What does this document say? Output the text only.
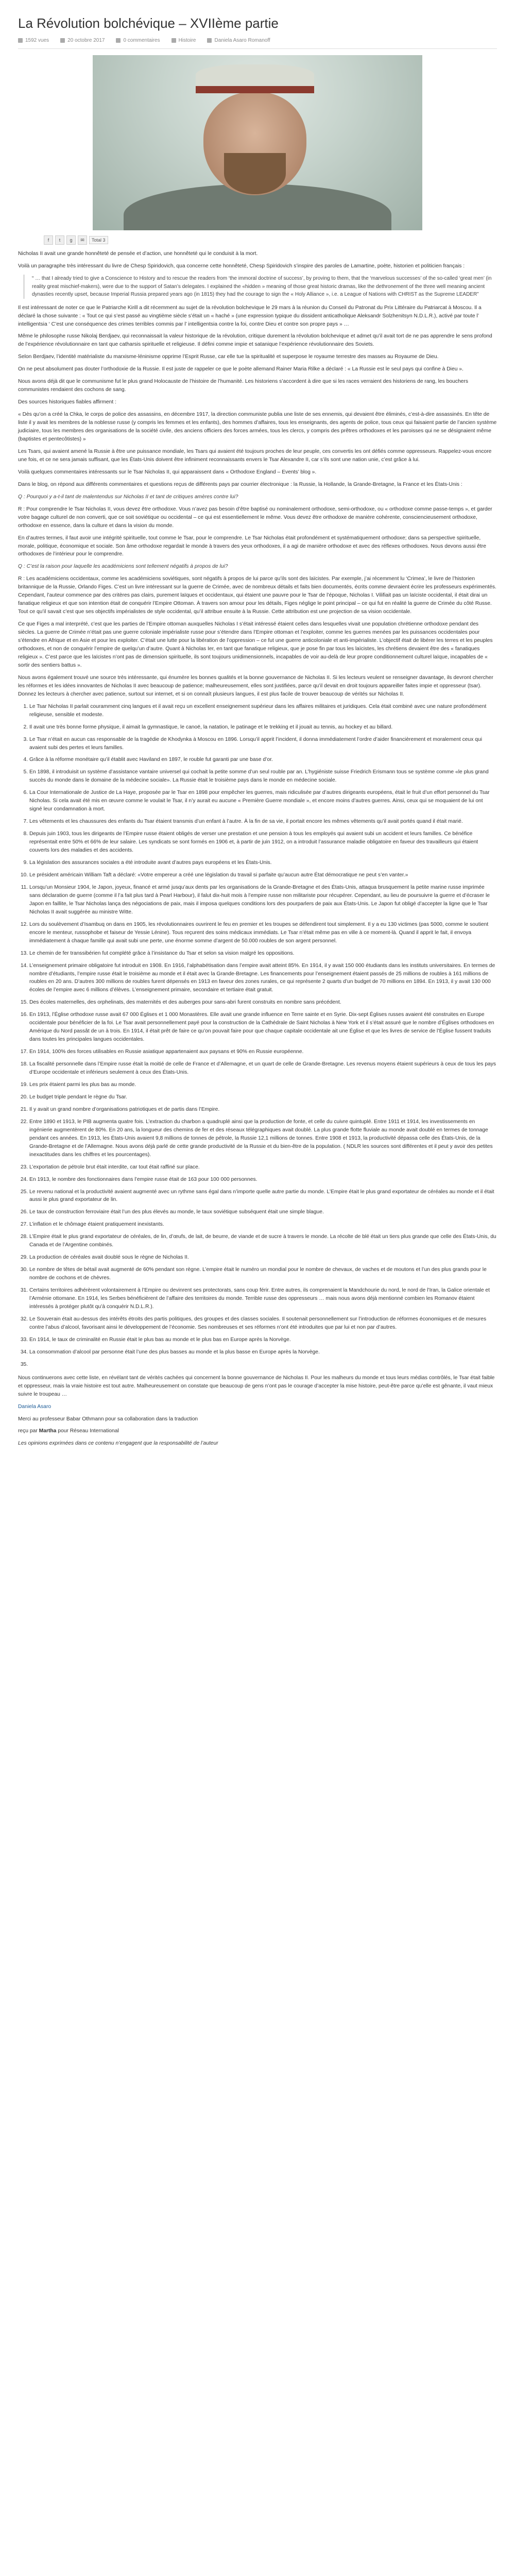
La Révolution bolchévique – XVIIème partie
1592 vues	20 octobre 2017	0 commentaires	Histoire	Daniela Asaro Romanoff
f	t	g	✉	Total 3

Nicholas II avait une grande honnêteté de pensée et d’action, une honnêteté qui le conduisit à la mort.

Voilà un paragraphe très intéressant du livre de Chesp Spiridovich, qua concerne cette honnêteté, Chesp Spiridovich s’inspire des paroles de Lamartine, poète, historien et politicien français :

“ … that I already tried to give a Conscience to History and to rescue the readers from ‘the immoral doctrine of success’, by proving to them, that the ‘marvelous successes’ of the so-called ‘great men’ (in reality great mischief-makers), were due to the support of Satan’s delegates. I explained the «hidden » meaning of those great historic dramas, like the dethronement of the three well meaning ancient dynasties recently upset, because Imperial Russia prepared years ago (in 1815) they had the courage to sign the « Holy Alliance », i.e. a League of Nations with CHRIST as the Supreme LEADER”

Il est intéressant de noter ce que le Patriarche Kirill a dit récemment au sujet de la révolution bolchevique le 29 mars à la réunion du Conseil du Patronat du Prix Littéraire du Patriarcat à Moscou. Il a déclaré la chose suivante : « Tout ce qui s’est passé au vingtième siècle s’était un « haché » (une expression typique du dissident anticatholique Aleksandr Solzhenitsyn N.D.L.R.), activé par toute l’ intelligentsia ‘ C’est une conséquence des crimes terribles commis par l’ intelligentsia contre la foi, contre Dieu et contre son propre pays » …

Même le philosophe russe Nikolaj Berdjaev, qui reconnaissait la valeur historique de la révolution, critique durement la révolution bolchevique et admet qu’il avait tort de ne pas apprendre le sens profond de l’expérience révolutionnaire en tant que catharsis spirituelle et religieuse. Il défini comme impie et satanique l’expérience révolutionnaire des Soviets.

Selon Berdjaev, l’identité matérialiste du marxisme-léninisme opprime l’Esprit Russe, car elle tue la spiritualité et superpose le royaume terrestre des masses au Royaume de Dieu.

On ne peut absolument pas douter l’orthodoxie de la Russie. Il est juste de rappeler ce que le poète allemand Rainer Maria Rilke a déclaré : « La Russie est le seul pays qui confine à Dieu ».

Nous avons déjà dit que le communisme fut le plus grand Holocauste de l’histoire de l’humanité. Les historiens s’accordent à dire que si les races verraient des historiens de rang, les bouchers communistes rendaient des cochons de sang.

Des sources historiques fiables affirment :

« Dès qu’on a créé la Chka, le corps de police des assassins, en décembre 1917, la direction communiste publia une liste de ses ennemis, qui devaient être éliminés, c’est-à-dire assassinés. En tête de liste il y avait les membres de la noblesse russe (y compris les femmes et les enfants), des hommes d’affaires, tous les enseignants, des agents de police, tous ceux qui faisaient partie de l’ancien système judiciaire, tous les membres des organisations de la société civile, des anciens officiers des forces armées, tous les clercs, y compris des prêtres orthodoxes et les paroisses qui ne se désignaient même (baptistes et pentecôtistes) »

Les Tsars, qui avaient amené la Russie à être une puissance mondiale, les Tsars qui avaient été toujours proches de leur peuple, ces convertis les ont défiés comme oppresseurs. Rappelez-vous encore une fois, et ce ne sera jamais suffisant, que les États-Unis doivent être infiniment reconnaissants envers le Tsar Alexandre II, car s’ils sont une nation unie, c’est grâce à lui.

Voilà quelques commentaires intéressants sur le Tsar Nicholas II, qui apparaissent dans « Orthodoxe England – Events’ blog ».

Dans le blog, on répond aux différents commentaires et questions reçus de différents pays par courrier électronique : la Russie, la Hollande, la Grande-Bretagne, la France et les États-Unis :

Q : Pourquoi y a-t-il tant de malentendus sur Nicholas II et tant de critiques amères contre lui?

R : Pour comprendre le Tsar Nicholas II, vous devez être orthodoxe. Vous n’avez pas besoin d’être baptisé ou nominalement orthodoxe, semi-orthodoxe, ou « orthodoxe comme passe-temps », et garder votre bagage culturel de non converti, que ce soit soviétique ou occidental – ce qui est essentiellement le même. Vous devez être orthodoxe de manière cohérente, consciencieusement orthodoxe, orthodoxe en essence, dans la culture et dans la vision du monde.

En d’autres termes, il faut avoir une intégrité spirituelle, tout comme le Tsar, pour le comprendre. Le Tsar Nicholas était profondément et systématiquement orthodoxe; dans sa perspective spirituelle, morale, politique, économique et sociale. Son âme orthodoxe regardait le monde à travers des yeux orthodoxes, il a agi de manière orthodoxe et avec des réflexes orthodoxes. Nous devons aussi être orthodoxes de l’intérieur pour le comprendre.

Q : C’est la raison pour laquelle les académiciens sont tellement négatifs à propos de lui?

R : Les académiciens occidentaux, comme les académiciens soviétiques, sont négatifs à propos de lui parce qu’ils sont des laïcistes. Par exemple, j’ai récemment lu ‘Crimea’, le livre de l’historien britannique de la Russie, Orlando Figes. C’est un livre intéressant sur la guerre de Crimée, avec de nombreux détails et faits bien documentés, écrits comme devraient écrire les professeurs expérimentés. Cependant, l’auteur commence par des critères pas clairs, purement laïques et occidentaux, qui étaient une pauvre pour le Tsar de l’époque, Nicholas I. Vilifiait pas un laïciste occidental, il était dirai un fanatique religieux et que son intention était de conquérir l’Empire Ottoman. À travers son amour pour les détails, Figes néglige le point principal – ce qui fut en réalité la guerre de Crimée du côté Russe. Tout ce qu’il savait c’est que ses objectifs impérialistes de style occidental, qu’il attribue ensuite à la Russie. Cette attribution est une projection de sa vision occidentale.

Ce que Figes a mal interprété, c’est que les parties de l’Empire ottoman auxquelles Nicholas I s’était intéressé étaient celles dans lesquelles vivait une population chrétienne orthodoxe pendant des siècles. La guerre de Crimée n’était pas une guerre coloniale impérialiste russe pour s’étendre dans l’Empire ottoman et l’exploiter, comme les guerres menées par les puissances occidentales pour s’étendre en Afrique et en Asie et pour les exploiter. C’était une lutte pour la libération de l’oppression – ce fut une guerre anticoloniale et anti-impérialiste. L’objectif était de libérer les terres et les peuples orthodoxes, et non de conquérir l’empire de quelqu’un d’autre. Quant à Nicholas Ier, en tant que fanatique religieux, que je pose fin par tous les laïcistes, les chrétiens devaient être des « fanatiques religieux ». C’est parce que les laïcistes n’ont pas de dimension spirituelle, ils sont toujours unidimensionnels, incapables de voir au-delà de leur propre conditionnement culturel laïque, incapables de « sortir des sentiers battus ».

Nous avons également trouvé une source très intéressante, qui énumère les bonnes qualités et la bonne gouvernance de Nicholas II. Si les lecteurs veulent se renseigner davantage, ils devront chercher les réformes et les idées innovantes de Nicholas II avec beaucoup de patience; malheureusement, elles sont justifiées, parce qu’il devait en droit toujours appareiller faites impie et oppresseur (tsar). Donnez les lecteurs à chercher avec patience, surtout sur internet, et si on connaît plusieurs langues, il est plus facile de trouver beaucoup de vérités sur Nicholas II.

1. Le Tsar Nicholas II parlait couramment cinq langues et il avait reçu un excellent enseignement supérieur dans les affaires militaires et juridiques. Cela était combiné avec une nature profondément religieuse, sensible et modeste.
2. Il avait une très bonne forme physique, il aimait la gymnastique, le canoë, la natation, le patinage et le trekking et il jouait au tennis, au hockey et au billard.
3. Le Tsar n’était en aucun cas responsable de la tragédie de Khodynka à Moscou en 1896. Lorsqu’il apprit l’incident, il donna immédiatement l’ordre d’aider financièrement et moralement ceux qui avaient subi des pertes et leurs familles.
4. Grâce à la réforme monétaire qu’il établit avec Haviland en 1897, le rouble fut garanti par une base d’or.
5. En 1898, il introduisit un système d’assistance vantaire universel qui cochait la petite somme d’un seul rouble par an. L’hygiéniste suisse Friedrich Erismann tous se système comme «le plus grand succès du monde dans le domaine de la médecine sociale». La Russie était le troisième pays dans le monde en médecine sociale.
6. La Cour Internationale de Justice de La Haye, proposée par le Tsar en 1898 pour empêcher les guerres, mais ridiculisée par d’autres dirigeants européens, était le fruit d’un effort personnel du Tsar Nicholas. Si cela avait été mis en œuvre comme le voulait le Tsar, il n’y aurait eu aucune « Première Guerre mondiale », et encore moins d’autres guerres. Ainsi, ceux qui se moquaient de lui ont signé leur condamnation à mort.
7. Les vêtements et les chaussures des enfants du Tsar étaient transmis d’un enfant à l’autre. À la fin de sa vie, il portait encore les mêmes vêtements qu’il avait portés quand il était marié.
8. Depuis juin 1903, tous les dirigeants de l’Empire russe étaient obligés de verser une prestation et une pension à tous les employés qui avaient subi un accident et leurs familles. Ce bénéfice représentait entre 50% et 66% de leur salaire. Les syndicats se sont formés en 1906 et, à partir de juin 1912, on a introduit l’assurance maladie obligatoire en faveur des travailleurs qui étaient couverts lors des maladies et des accidents.
9. La législation des assurances sociales a été introduite avant d’autres pays européens et les États-Unis.
10. Le président américain William Taft a déclaré: «Votre empereur a créé une législation du travail si parfaite qu’aucun autre État démocratique ne peut s’en vanter.»
11. Lorsqu’un Monsieur 1904, le Japon, joyeux, financé et armé jusqu’aux dents par les organisations de la Grande-Bretagne et des États-Unis, attaqua brusquement la petite marine russe imprimée sans déclaration de guerre (comme il l’a fait plus tard à Pearl Harbour), il falut dix-huit mois à l’empire russe non militariste pour récupérer. Cependant, au lieu de poursuivre la guerre et d’écraser le Japon en faillite, le Tsar Nicholas lança des négociations de paix, mais il imposa quelques conditions lors des pourparlers de paix aux États-Unis. Le Japon fut obligé d’accepter la ligne que le Tsar Nicholas II avait suggérée au ministre Witte.
12. Lors du soulèvement d’Isambuq on dans en 1905, les révolutionnaires ouvrirent le feu en premier et les troupes se défendirent tout simplement. Il y a eu 130 victimes (pas 5000, comme le soutient encore le menteur, russophobe et faiseur de Yessie Lénine). Tous reçurent des soins médicaux immédiats. Le Tsar n’était même pas en ville à ce moment-là. Quand il apprit le fait, il envoya immédiatement à chaque famille qui avait subi une perte, une énorme somme d’argent de 50.000 roubles de son argent personnel.
13. Le chemin de fer transsibérien fut complété grâce à l’insistance du Tsar et selon sa vision malgré les oppositions.
14. L’enseignement primaire obligatoire fut introduit en 1908. En 1916, l’alphabétisation dans l’empire avait atteint 85%. En 1914, il y avait 150 000 étudiants dans les instituts universitaires. En termes de nombre d’étudiants, l’empire russe était le troisième au monde et il était avec la Grande-Bretagne. Les financements pour l’enseignement étaient passés de 25 millions de roubles à 161 millions de roubles en 20 ans. D’autres 300 millions de roubles furent dépensés en 1913 en faveur des zones rurales, ce qui représente 2 quarts d’un budget de 70 millions en 1894. En 1913, il y avait 130 000 écoles de l’empire avec 6 millions d’élèves. L’enseignement primaire, secondaire et tertiaire était gratuit.
15. Des écoles maternelles, des orphelinats, des maternités et des auberges pour sans-abri furent construits en nombre sans précédent.
16. En 1913, l’Église orthodoxe russe avait 67 000 Églises et 1 000 Monastères. Elle avait une grande influence en Terre sainte et en Syrie. Dix-sept Églises russes avaient été construites en Europe occidentale pour bénéficier de la foi. Le Tsar avait personnellement payé pour la construction de la Cathédrale de Saint Nicholas à New York et il s’était assuré que le nombre d’Églises orthodoxes en Amérique du Nord passât de un à trois. En 1914, il était prêt de faire ce qu’on pouvait faire pour que chaque capitale occidentale ait une Église et que les livres de service de l’Église fussent traduits dans toutes les principales langues occidentales.
17. En 1914, 100% des forces utilisables en Russie asiatique appartenaient aux paysans et 90% en Russie européenne.
18. La fiscalité personnelle dans l’Empire russe était la moitié de celle de France et d’Allemagne, et un quart de celle de Grande-Bretagne. Les revenus moyens étaient supérieurs à ceux de tous les pays d’Europe occidentale et inférieurs seulement à ceux des États-Unis.
19. Les prix étaient parmi les plus bas au monde.
20. Le budget triple pendant le règne du Tsar.
21. Il y avait un grand nombre d’organisations patriotiques et de partis dans l’Empire.
22. Entre 1890 et 1913, le PIB augmenta quatre fois. L’extraction du charbon a quadruplé ainsi que la production de fonte, et celle du cuivre quintuplé. Entre 1911 et 1914, les investissements en ingénierie augmentèrent de 80%. En 20 ans, la longueur des chemins de fer et des réseaux télégraphiques avait doublé. La plus grande flotte fluviale au monde avait doublé en termes de tonnage pendant ces années. En 1913, les États-Unis avaient 9,8 millions de tonnes de pétrole, la Russie 12,1 millions de tonnes. Entre 1908 et 1913, la productivité dépassa celle des États-Unis, de la Grande-Bretagne et de l’Allemagne. Nous avons déjà parlé de cette grande productivité de la Russie et du bien-être de la population. ( NDLR les sources sont différentes et il peut y avoir des petites inexactitudes dans les chiffres et les pourcentages).
23. L’exportation de pétrole brut était interdite, car tout était raffiné sur place.
24. En 1913, le nombre des fonctionnaires dans l’empire russe était de 163 pour 100 000 personnes.
25. Le revenu national et la productivité avaient augmenté avec un rythme sans égal dans n’importe quelle autre partie du monde. L’Empire était le plus grand exportateur de céréales au monde et il était aussi le plus grand exportateur de lin.
26. Le taux de construction ferroviaire était l’un des plus élevés au monde, le taux soviétique subséquent était une simple blague.
27. L’inflation et le chômage étaient pratiquement inexistants.
28. L’Empire était le plus grand exportateur de céréales, de lin, d’œufs, de lait, de beurre, de viande et de sucre à travers le monde. La récolte de blé était un tiers plus grande que celle des États-Unis, du Canada et de l’Argentine combinés.
29. La production de céréales avait doublé sous le règne de Nicholas II.
30. Le nombre de têtes de bétail avait augmenté de 60% pendant son règne. L’empire était le numéro un mondial pour le nombre de chevaux, de vaches et de moutons et l’un des plus grands pour le nombre de cochons et de chèvres.
31. Certains territoires adhérèrent volontairement à l’Empire ou devinrent ses protectorats, sans coup férir. Entre autres, ils comprenaient la Mandchourie du nord, le nord de l’Iran, la Galice orientale et l’Arménie ottomane. En 1914, les Serbes bénéficièrent de l’affaire des territoires du monde. Terrible russe des oppresseurs … mais nous avons déjà mentionné combien les Romanov étaient intéressés à protéger plutôt qu’à conquérir N.D.L.R.).
32. Le Souverain était au-dessus des intérêts étroits des partis politiques, des groupes et des classes sociales. Il soutenait personnellement sur l’introduction de réformes économiques et de mesures contre l’abus d’alcool, favorisant ainsi le développement de l’économie. Ses nombreuses et ses réformes n’ont été introduites que par lui et non par d’autres.
33. En 1914, le taux de criminalité en Russie était le plus bas au monde et le plus bas en Europe après la Norvège.
34. La consommation d’alcool par personne était l’une des plus basses au monde et la plus basse en Europe après la Norvège.
35.

Nous continuerons avec cette liste, en révélant tant de vérités cachées qui concernent la bonne gouvernance de Nicholas II. Pour les malheurs du monde et tous leurs médias contrôlés, le Tsar était faible et oppresseur, mais la vraie histoire est tout autre. Malheureusement on constate que beaucoup de gens n’ont pas le courage d’accepter la mise histoire, peut-être parce qu’elle est gênante, il vaut mieux suivre le troupeau …

Daniela Asaro

Merci au professeur Babar Othmann pour sa collaboration dans la traduction

reçu par Martha pour Réseau International

Les opinions exprimées dans ce contenu n’engagent que la responsabilité de l’auteur
